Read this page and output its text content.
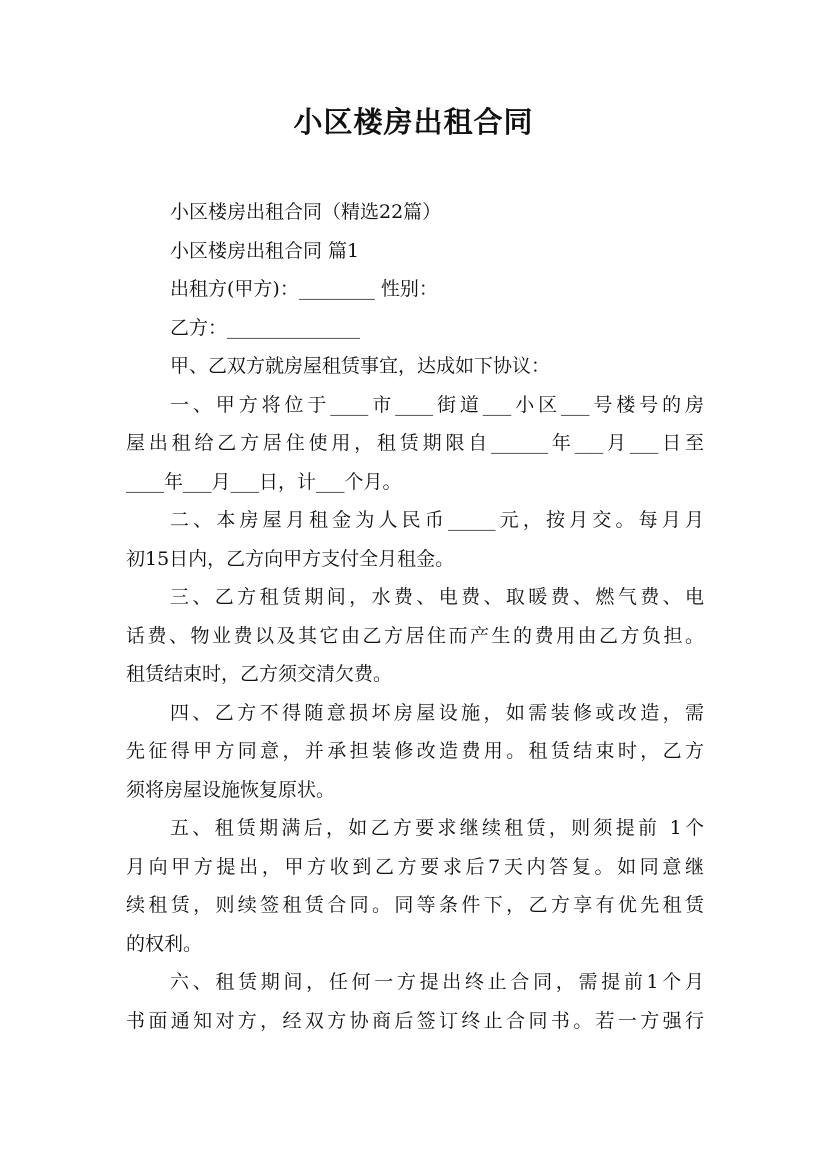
小区楼房出租合同

小区楼房出租合同（精选22篇）

小区楼房出租合同 篇1

出租方(甲方)：________ 性别：

乙方：______________

甲、乙双方就房屋租赁事宜，达成如下协议：

一、甲方将位于____市____街道___小区___号楼号的房

屋出租给乙方居住使用，租赁期限自______年___月___日至

____年___月___日，计___个月。

二、本房屋月租金为人民币_____元，按月交。每月月

初15日内，乙方向甲方支付全月租金。

三、乙方租赁期间，水费、电费、取暖费、燃气费、电

话费、物业费以及其它由乙方居住而产生的费用由乙方负担。

租赁结束时，乙方须交清欠费。

四、乙方不得随意损坏房屋设施，如需装修或改造，需

先征得甲方同意，并承担装修改造费用。租赁结束时，乙方

须将房屋设施恢复原状。

五、租赁期满后，如乙方要求继续租赁，则须提前 1个

月向甲方提出，甲方收到乙方要求后7天内答复。如同意继

续租赁，则续签租赁合同。同等条件下，乙方享有优先租赁

的权利。

六、租赁期间，任何一方提出终止合同，需提前1个月

书面通知对方，经双方协商后签订终止合同书。若一方强行
